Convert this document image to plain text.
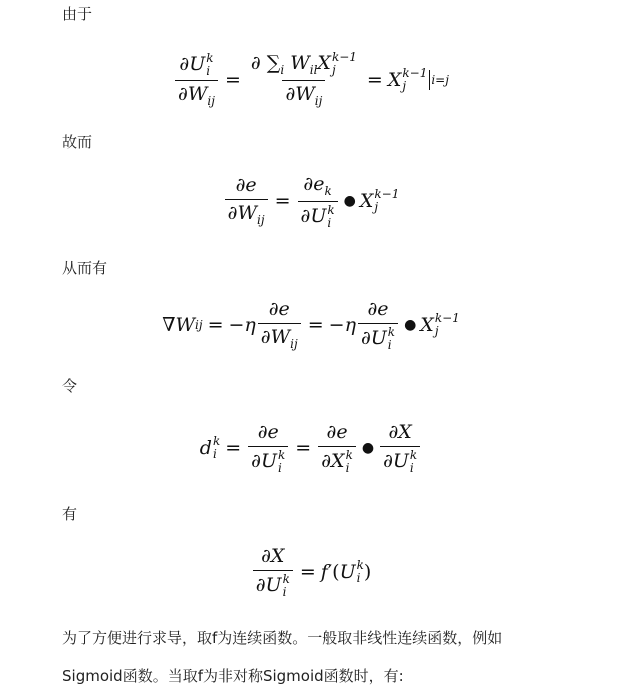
由于
故而
从而有
令
有
为了方便进行求导，取f为连续函数。一般取非线性连续函数，例如
Sigmoid函数。当取f为非对称Sigmoid函数时，有:
∂U k
i
$\partial W_{ij}$ = ∂ $\sum_i$ $W_{il}X$ k−1
j
$\partial W_{ij} = X$ k−1
j	i=j
$\frac{\partial e}{\partial W_{ij}} = \partial e_k$
∂U k
i ● X k−1
j
∇ W ij = $-\eta \frac{\partial e}{\partial W_{ij}} = -\eta$ ∂e
∂U k
i ● X k−1
j
d k
i = ∂e
∂U k
i = ∂e
∂X k
i ● ∂X
∂U k
i
∂X
∂U k
i = f ′ ( U k
i )
